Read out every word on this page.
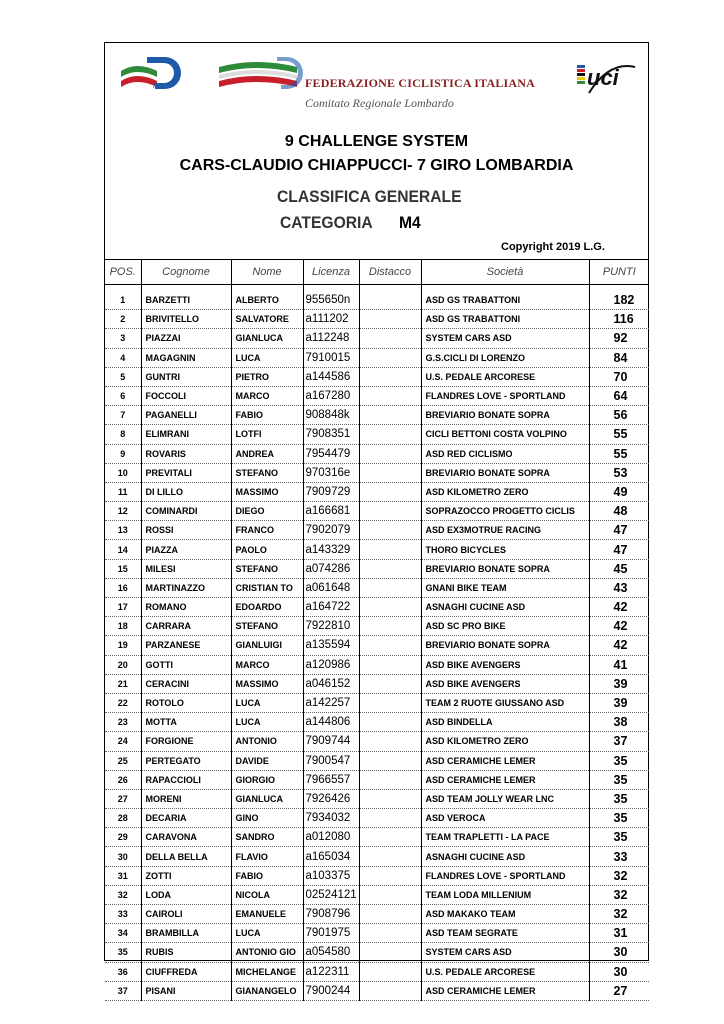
FCI	FEDERAZIONE CICLISTICA ITALIANA
Comitato Regionale Lombardo
uci
9 CHALLENGE SYSTEM
CARS-CLAUDIO CHIAPPUCCI- 7 GIRO LOMBARDIA
CLASSIFICA GENERALE
CATEGORIA M4
Copyright 2019 L.G.
POS.	Cognome	Nome	Licenza	Distacco	Società	PUNTI
1	BARZETTI	ALBERTO	955650n		ASD GS TRABATTONI	182
2	BRIVITELLO	SALVATORE	a111202		ASD GS TRABATTONI	116
3	PIAZZAI	GIANLUCA	a112248		SYSTEM CARS ASD	92
4	MAGAGNIN	LUCA	7910015		G.S.CICLI DI LORENZO	84
5	GUNTRI	PIETRO	a144586		U.S. PEDALE ARCORESE	70
6	FOCCOLI	MARCO	a167280		FLANDRES LOVE - SPORTLAND	64
7	PAGANELLI	FABIO	908848k		BREVIARIO BONATE SOPRA	56
8	ELIMRANI	LOTFI	7908351		CICLI BETTONI COSTA VOLPINO	55
9	ROVARIS	ANDREA	7954479		ASD RED CICLISMO	55
10	PREVITALI	STEFANO	970316e		BREVIARIO BONATE SOPRA	53
11	DI LILLO	MASSIMO	7909729		ASD KILOMETRO ZERO	49
12	COMINARDI	DIEGO	a166681		SOPRAZOCCO PROGETTO CICLIS	48
13	ROSSI	FRANCO	7902079		ASD EX3MOTRUE RACING	47
14	PIAZZA	PAOLO	a143329		THORO BICYCLES	47
15	MILESI	STEFANO	a074286		BREVIARIO BONATE SOPRA	45
16	MARTINAZZO	CRISTIAN TO	a061648		GNANI BIKE TEAM	43
17	ROMANO	EDOARDO	a164722		ASNAGHI CUCINE ASD	42
18	CARRARA	STEFANO	7922810		ASD SC PRO BIKE	42
19	PARZANESE	GIANLUIGI	a135594		BREVIARIO BONATE SOPRA	42
20	GOTTI	MARCO	a120986		ASD BIKE AVENGERS	41
21	CERACINI	MASSIMO	a046152		ASD BIKE AVENGERS	39
22	ROTOLO	LUCA	a142257		TEAM 2 RUOTE GIUSSANO ASD	39
23	MOTTA	LUCA	a144806		ASD BINDELLA	38
24	FORGIONE	ANTONIO	7909744		ASD KILOMETRO ZERO	37
25	PERTEGATO	DAVIDE	7900547		ASD CERAMICHE LEMER	35
26	RAPACCIOLI	GIORGIO	7966557		ASD CERAMICHE LEMER	35
27	MORENI	GIANLUCA	7926426		ASD TEAM JOLLY WEAR LNC	35
28	DECARIA	GINO	7934032		ASD VEROCA	35
29	CARAVONA	SANDRO	a012080		TEAM TRAPLETTI - LA PACE	35
30	DELLA BELLA	FLAVIO	a165034		ASNAGHI CUCINE ASD	33
31	ZOTTI	FABIO	a103375		FLANDRES LOVE - SPORTLAND	32
32	LODA	NICOLA	02524121		TEAM LODA MILLENIUM	32
33	CAIROLI	EMANUELE	7908796		ASD MAKAKO TEAM	32
34	BRAMBILLA	LUCA	7901975		ASD TEAM SEGRATE	31
35	RUBIS	ANTONIO GIO	a054580		SYSTEM CARS ASD	30
36	CIUFFREDA	MICHELANGE	a122311		U.S. PEDALE ARCORESE	30
37	PISANI	GIANANGELO	7900244		ASD CERAMICHE LEMER	27
